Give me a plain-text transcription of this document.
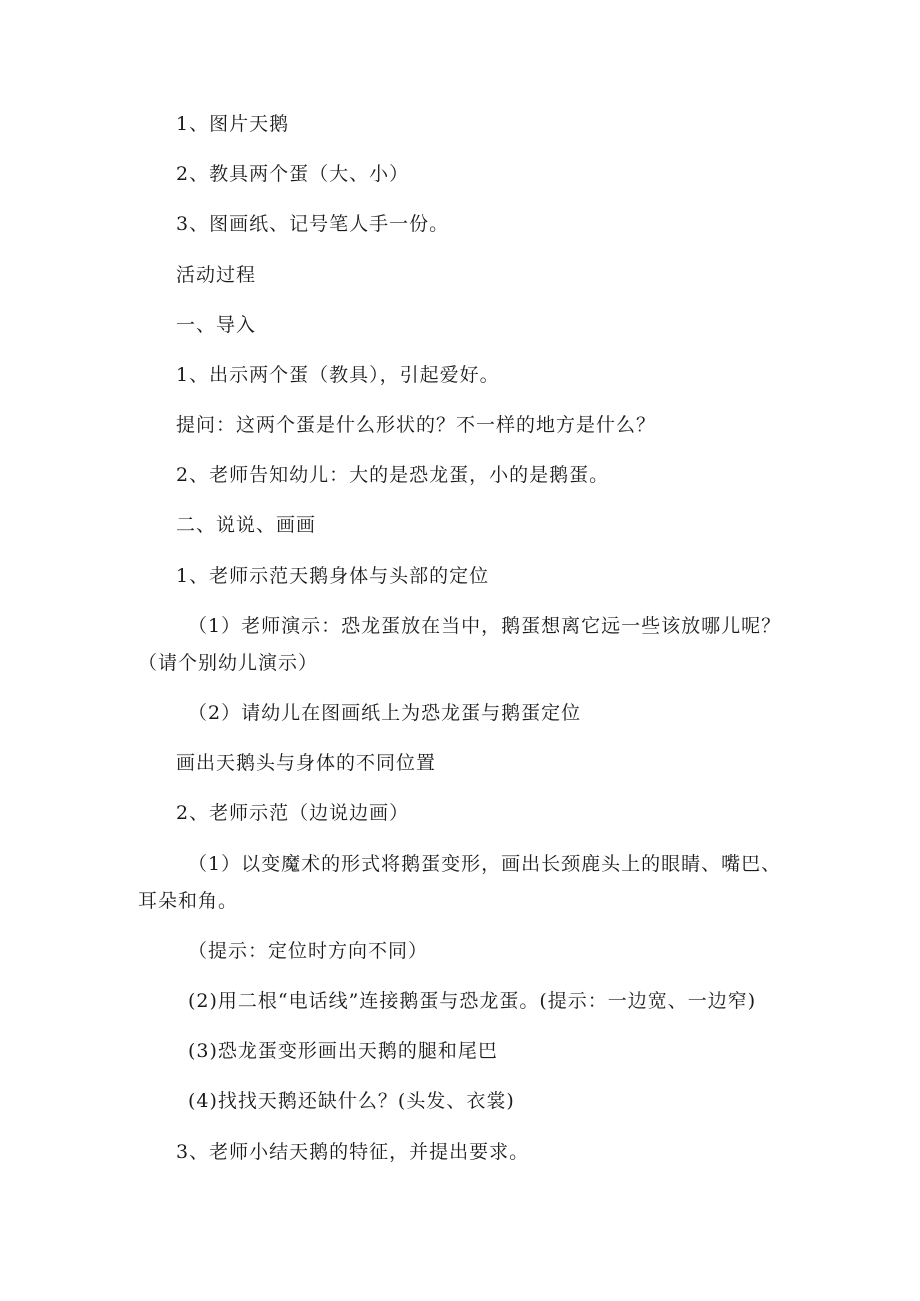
1、图片天鹅
2、教具两个蛋（大、小）
3、图画纸、记号笔人手一份。
活动过程
一、导入
1、出示两个蛋（教具），引起爱好。
提问：这两个蛋是什么形状的？不一样的地方是什么？
2、老师告知幼儿：大的是恐龙蛋，小的是鹅蛋。
二、说说、画画
1、老师示范天鹅身体与头部的定位
（1）老师演示：恐龙蛋放在当中，鹅蛋想离它远一些该放哪儿呢？
（请个别幼儿演示）
（2）请幼儿在图画纸上为恐龙蛋与鹅蛋定位
画出天鹅头与身体的不同位置
2、老师示范（边说边画）
（1）以变魔术的形式将鹅蛋变形，画出长颈鹿头上的眼睛、嘴巴、
耳朵和角。
（提示：定位时方向不同）
(2)用二根“电话线”连接鹅蛋与恐龙蛋。(提示：一边宽、一边窄)
(3)恐龙蛋变形画出天鹅的腿和尾巴
(4)找找天鹅还缺什么？(头发、衣裳)
3、老师小结天鹅的特征，并提出要求。
